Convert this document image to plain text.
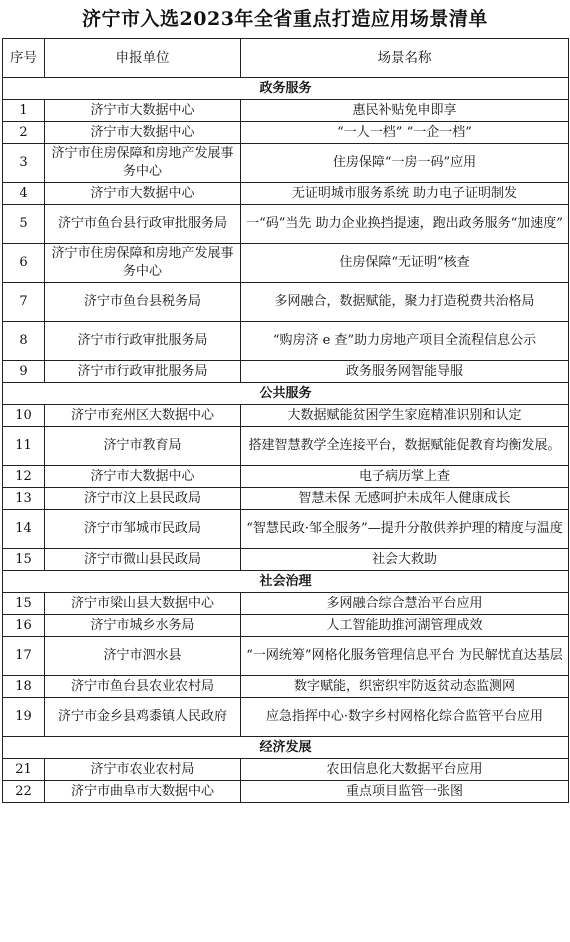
济宁市入选2023年全省重点打造应用场景清单
序号	申报单位	场景名称
政务服务		
1	济宁市大数据中心	惠民补贴免申即享
2	济宁市大数据中心	“一人一档” “一企一档”
3	济宁市住房保障和房地产发展事务中心	住房保障“一房一码”应用
4	济宁市大数据中心	无证明城市服务系统 助力电子证明制发
5	济宁市鱼台县行政审批服务局	一“码”当先 助力企业换挡提速，跑出政务服务“加速度”
6	济宁市住房保障和房地产发展事务中心	住房保障“无证明”核查
7	济宁市鱼台县税务局	多网融合，数据赋能，聚力打造税费共治格局
8	济宁市行政审批服务局	“购房济 e 查”助力房地产项目全流程信息公示
9	济宁市行政审批服务局	政务服务网智能导服
公共服务		
10	济宁市兖州区大数据中心	大数据赋能贫困学生家庭精准识别和认定
11	济宁市教育局	搭建智慧教学全连接平台，数据赋能促教育均衡发展。
12	济宁市大数据中心	电子病历掌上查
13	济宁市汶上县民政局	智慧未保 无感呵护未成年人健康成长
14	济宁市邹城市民政局	“智慧民政·邹全服务”—提升分散供养护理的精度与温度
15	济宁市微山县民政局	社会大救助
社会治理		
15	济宁市梁山县大数据中心	多网融合综合慧治平台应用
16	济宁市城乡水务局	人工智能助推河湖管理成效
17	济宁市泗水县	“一网统筹”网格化服务管理信息平台 为民解忧直达基层
18	济宁市鱼台县农业农村局	数字赋能，织密织牢防返贫动态监测网
19	济宁市金乡县鸡黍镇人民政府	应急指挥中心·数字乡村网格化综合监管平台应用
经济发展		
21	济宁市农业农村局	农田信息化大数据平台应用
22	济宁市曲阜市大数据中心	重点项目监管一张图
